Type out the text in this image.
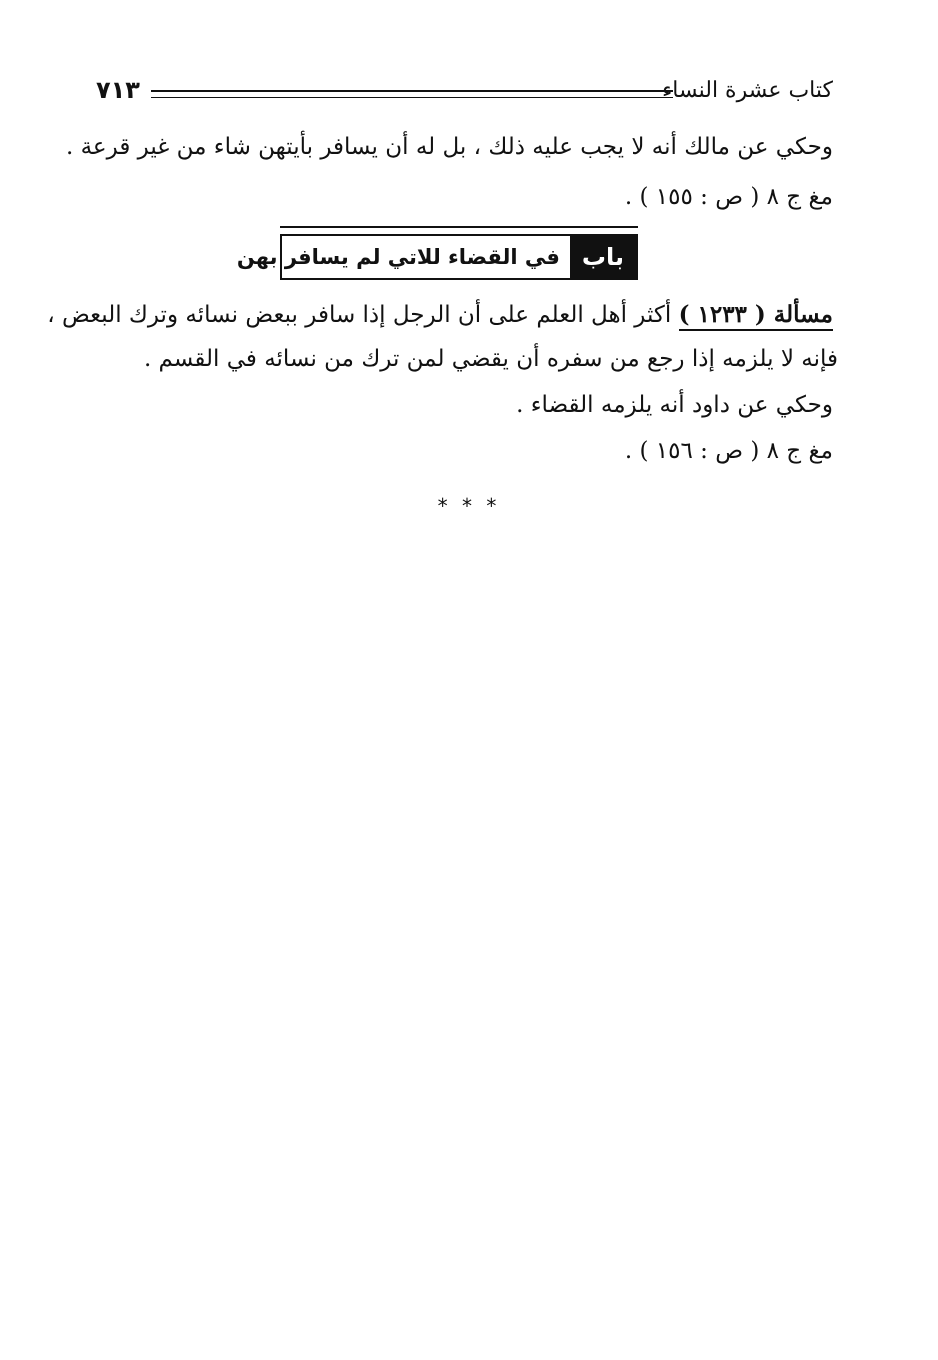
كتاب عشرة النساء
٧١٣
وحكي عن مالك أنه لا يجب عليه ذلك ، بل له أن يسافر بأيتهن شاء من غير قرعة .
مغ ج ٨ ( ص : ١٥٥ ) .
باب
في القضاء للاتي لم يسافر بهن
مسألة ( ١٢٣٣ ) أكثر أهل العلم على أن الرجل إذا سافر ببعض نسائه وترك البعض ،
فإنه لا يلزمه إذا رجع من سفره أن يقضي لمن ترك من نسائه في القسم .
وحكي عن داود أنه يلزمه القضاء .
مغ ج ٨ ( ص : ١٥٦ ) .
* * *
